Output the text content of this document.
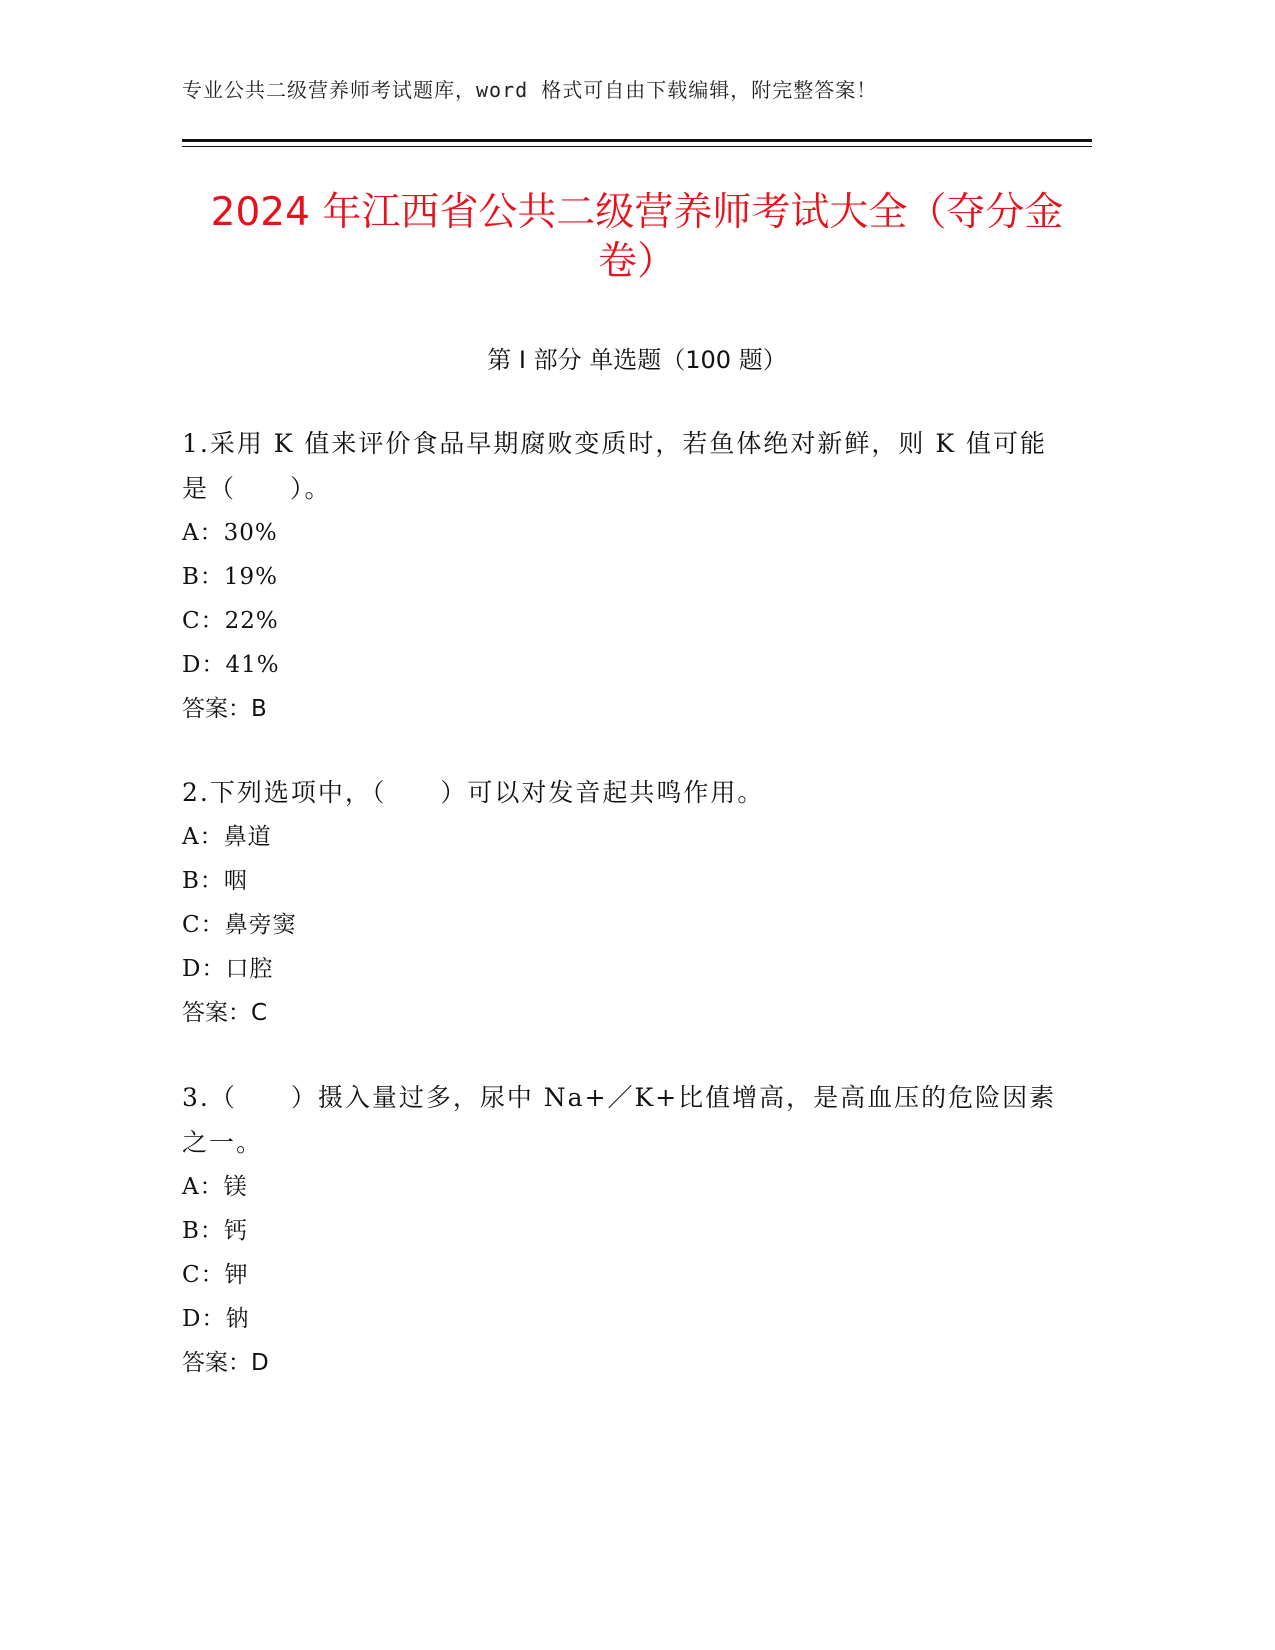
专业公共二级营养师考试题库，word 格式可自由下载编辑，附完整答案！
2024 年江西省公共二级营养师考试大全（夺分金卷）
第 I 部分 单选题（100 题）
1.采用 K 值来评价食品早期腐败变质时，若鱼体绝对新鲜，则 K 值可能是（　　）。
A：30%
B：19%
C：22%
D：41%
答案：B
2.下列选项中，（　　）可以对发音起共鸣作用。
A：鼻道
B：咽
C：鼻旁窦
D：口腔
答案：C
3.（　　）摄入量过多，尿中 Na+／K+比值增高，是高血压的危险因素之一。
A：镁
B：钙
C：钾
D：钠
答案：D
